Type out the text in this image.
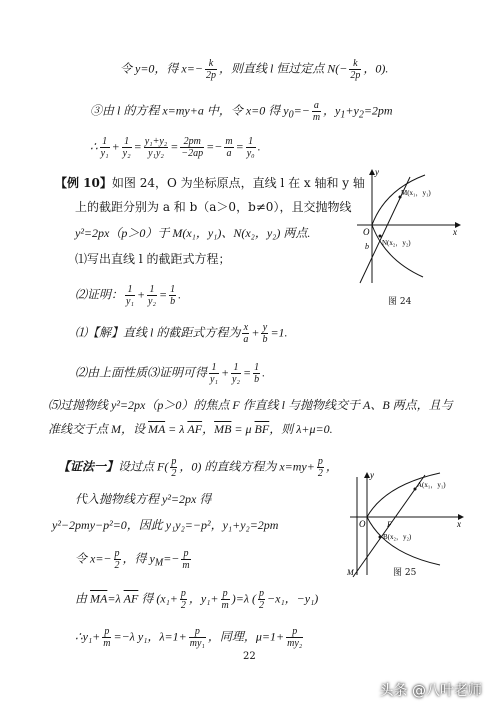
令 y=0，得 $x=- \frac{k}{2p}$ ，则直线 l 恒过定点 $N(- \frac{k}{2p}$ ，0).
③由 l 的方程 x=my+a 中，令 x=0 得 $y_0=- \frac{a}{m}$ ，$y_1+y_2=2pm$
∴ $\frac{1}{\text{y₁}} + \frac{1}{\text{y₂}} = \frac{\text{y₁+y₂}}{\text{y₁y₂}} = \frac{2pm}{-2ap} =- \frac{m}{a} = \frac{1}{\text{y₀}}$ .
【例 10】如图 24，O 为坐标原点，直线 l 在 x 轴和 y 轴
上的截距分别为 a 和 b（a＞0，b≠0），且交抛物线
y²=2px（p＞0）于 M(x₁，y₁)、N(x₂，y₂) 两点.
⑴写出直线 l 的截距式方程；
⑵证明： $\frac{1}{\text{y₁}} + \frac{1}{\text{y₂}} = \frac{1}{b}$ .
⑴【解】直线 l 的截距式方程为 $\frac{x}{a} + \frac{y}{b} =1$.
⑵由上面性质⑶证明可得 $\frac{1}{\text{y₁}} + \frac{1}{\text{y₂}} = \frac{1}{b}$ .
⑸过抛物线 y²=2px（p＞0）的焦点 F 作直线 l 与抛物线交于 A、B 两点，且与
准线交于点 M，设 $\overline{MA} = \lambda$ $\overline{AF}$，$\overline{MB} = \mu$ $\overline{BF}$，则 λ+μ=0.
【证法一】设过点 $F( \frac{p}{2}$ ，0) 的直线方程为 $x=my+ \frac{p}{2}$ ，
代入抛物线方程 y²=2px 得
y²−2pmy−p²=0，因此 y₁y₂=−p²，y₁+y₂=2pm
令 $x=- \frac{p}{2}$ ，得 $y_M=- \frac{p}{m}$
由 $\overline{MA}=\lambda$ $\overline{AF}$ 得 ($x_1+ \frac{p}{2}$ ，$y_1+ \frac{p}{m} )=\lambda$ ( $\frac{p}{2} -x_1$，−y₁)
∴y₁+ $\frac{p}{m} =-\lambda$ y₁，$\lambda=1+ \frac{p}{\text{my₁}}$ ，同理，$\mu=1+ \frac{p}{\text{my₂}}$
y
x
O
b
M(x₁，y₁)
N(x₂，y₂)
图 24
y
x
O	F
A(x₁，y₁)
B(x₂，y₂)
M	图 25
22
头条 @八叶老师
